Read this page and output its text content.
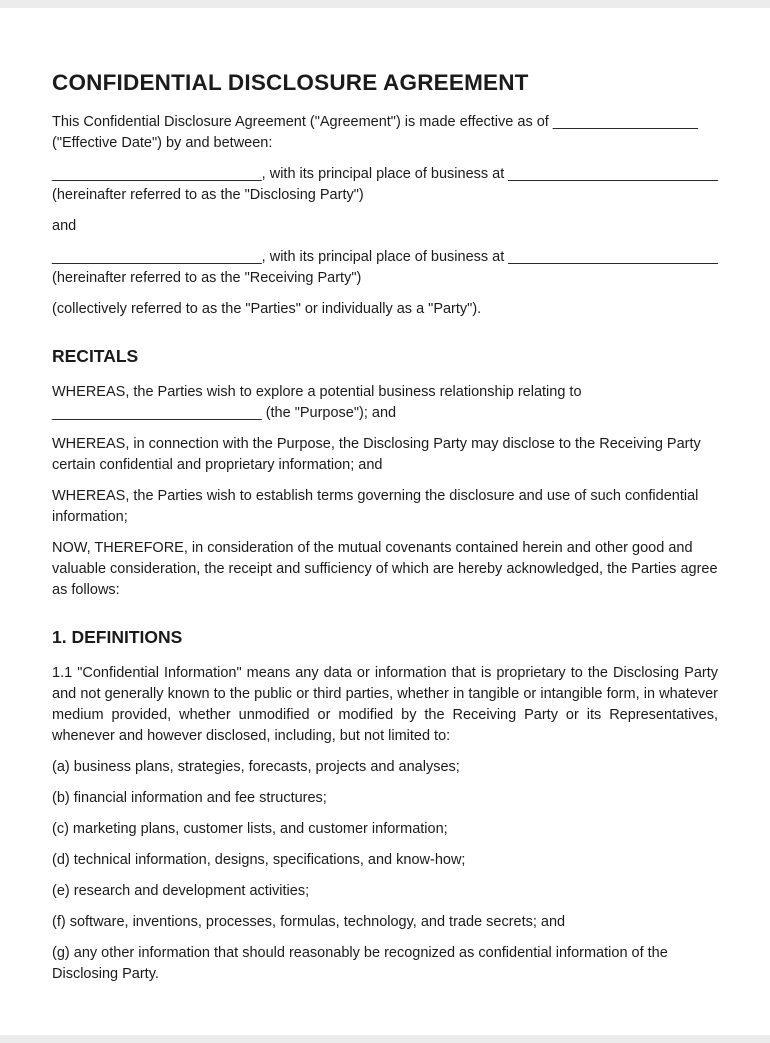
CONFIDENTIAL DISCLOSURE AGREEMENT

This Confidential Disclosure Agreement ("Agreement") is made effective as of __________________ ("Effective Date") by and between:

__________________________, with its principal place of business at __________________________ (hereinafter referred to as the "Disclosing Party")

and

__________________________, with its principal place of business at __________________________ (hereinafter referred to as the "Receiving Party")

(collectively referred to as the "Parties" or individually as a "Party").

RECITALS

WHEREAS, the Parties wish to explore a potential business relationship relating to __________________________ (the "Purpose"); and

WHEREAS, in connection with the Purpose, the Disclosing Party may disclose to the Receiving Party certain confidential and proprietary information; and

WHEREAS, the Parties wish to establish terms governing the disclosure and use of such confidential information;

NOW, THEREFORE, in consideration of the mutual covenants contained herein and other good and valuable consideration, the receipt and sufficiency of which are hereby acknowledged, the Parties agree as follows:

1. DEFINITIONS

1.1 "Confidential Information" means any data or information that is proprietary to the Disclosing Party and not generally known to the public or third parties, whether in tangible or intangible form, in whatever medium provided, whether unmodified or modified by the Receiving Party or its Representatives, whenever and however disclosed, including, but not limited to:

(a) business plans, strategies, forecasts, projects and analyses;

(b) financial information and fee structures;

(c) marketing plans, customer lists, and customer information;

(d) technical information, designs, specifications, and know-how;

(e) research and development activities;

(f) software, inventions, processes, formulas, technology, and trade secrets; and

(g) any other information that should reasonably be recognized as confidential information of the Disclosing Party.
